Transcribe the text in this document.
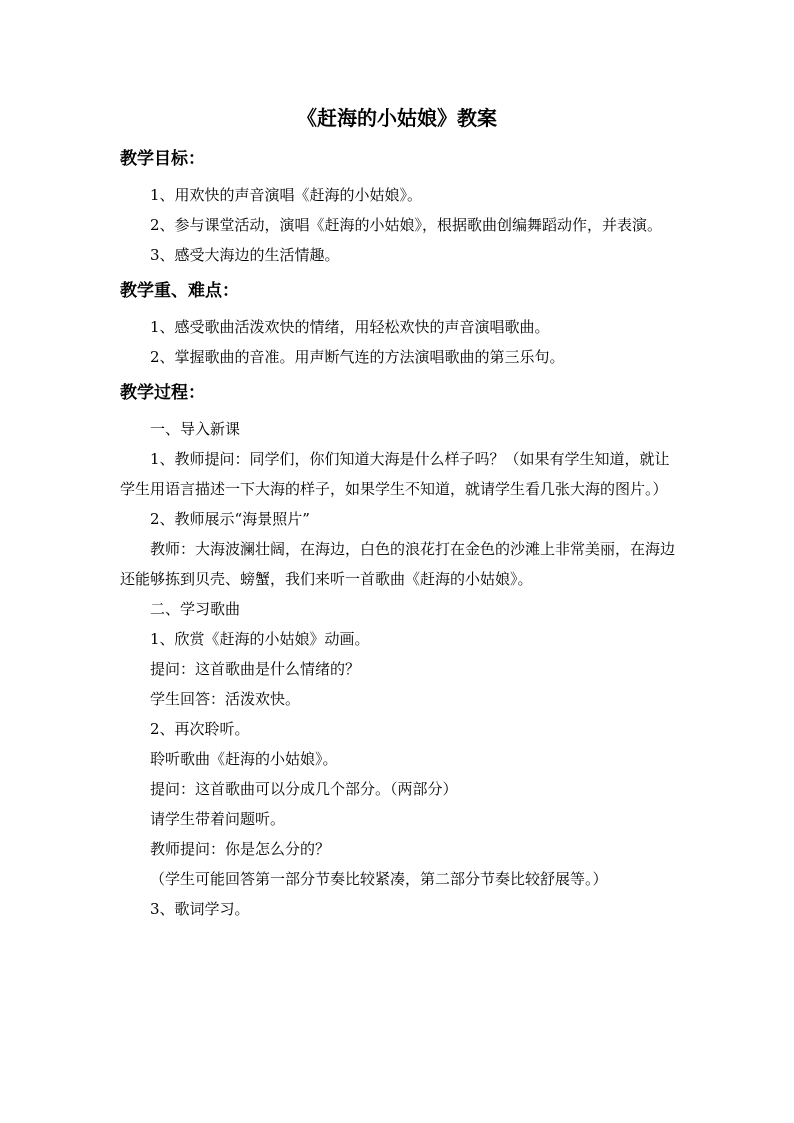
《赶海的小姑娘》教案
教学目标：

1、用欢快的声音演唱《赶海的小姑娘》。

2、参与课堂活动，演唱《赶海的小姑娘》，根据歌曲创编舞蹈动作，并表演。

3、感受大海边的生活情趣。

教学重、难点：

1、感受歌曲活泼欢快的情绪，用轻松欢快的声音演唱歌曲。

2、掌握歌曲的音准。用声断气连的方法演唱歌曲的第三乐句。

教学过程：

一、导入新课

1、教师提问：同学们，你们知道大海是什么样子吗？（如果有学生知道，就让学生用语言描述一下大海的样子，如果学生不知道，就请学生看几张大海的图片。）

2、教师展示“海景照片”

教师：大海波澜壮阔，在海边，白色的浪花打在金色的沙滩上非常美丽，在海边还能够拣到贝壳、螃蟹，我们来听一首歌曲《赶海的小姑娘》。

二、学习歌曲

1、欣赏《赶海的小姑娘》动画。

提问：这首歌曲是什么情绪的？

学生回答：活泼欢快。

2、再次聆听。

聆听歌曲《赶海的小姑娘》。

提问：这首歌曲可以分成几个部分。（两部分）

请学生带着问题听。

教师提问：你是怎么分的？

（学生可能回答第一部分节奏比较紧凑，第二部分节奏比较舒展等。）

3、歌词学习。
